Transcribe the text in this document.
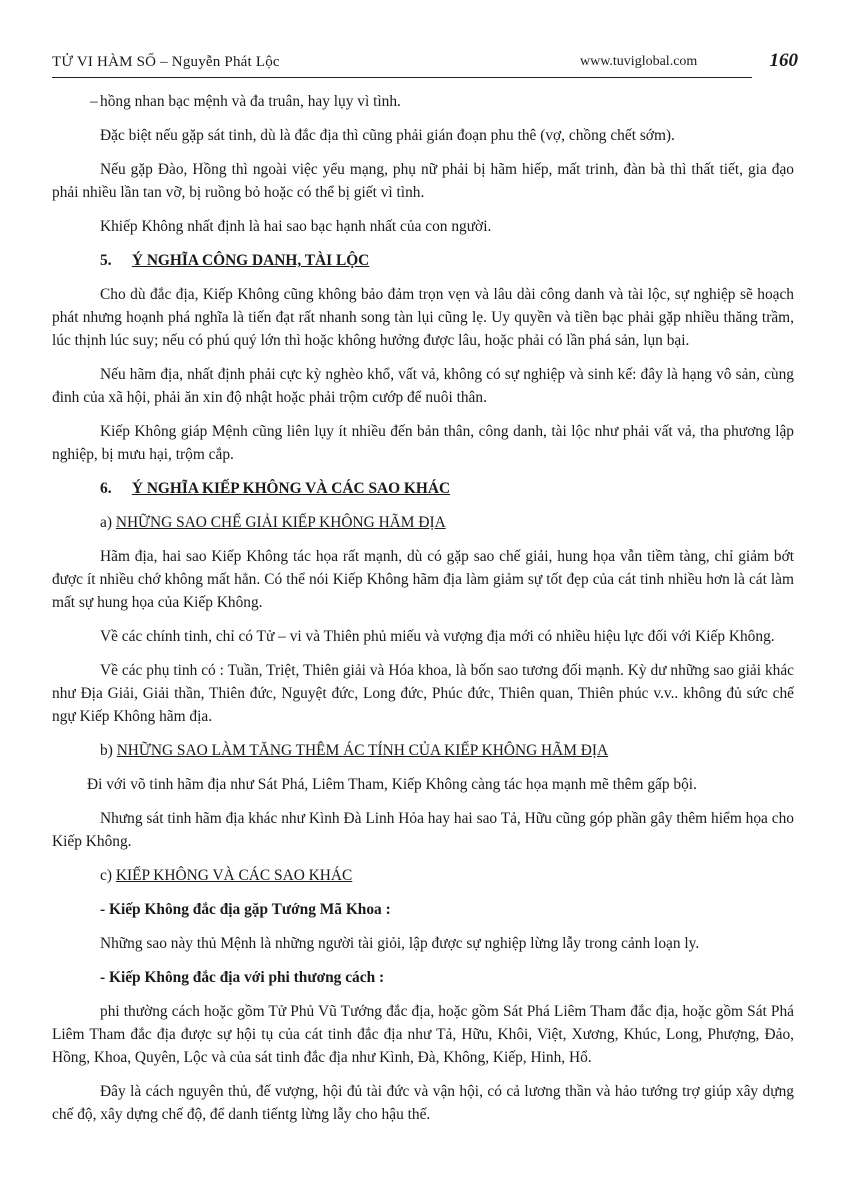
TỬ VI HÀM SỐ – Nguyễn Phát Lộc	www.tuviglobal.com	160
– hồng nhan bạc mệnh và đa truân, hay lụy vì tình.

Đặc biệt nếu gặp sát tinh, dù là đắc địa thì cũng phải gián đoạn phu thê (vợ, chồng chết sớm).

Nếu gặp Đào, Hồng thì ngoài việc yểu mạng, phụ nữ phải bị hãm hiếp, mất trinh, đàn bà thì thất tiết, gia đạo phải nhiều lần tan vỡ, bị ruồng bỏ hoặc có thể bị giết vì tình.

Khiếp Không nhất định là hai sao bạc hạnh nhất của con người.

5. Ý NGHĨA CÔNG DANH, TÀI LỘC

Cho dù đắc địa, Kiếp Không cũng không bảo đảm trọn vẹn và lâu dài công danh và tài lộc, sự nghiệp sẽ hoạch phát nhưng hoạnh phá nghĩa là tiến đạt rất nhanh song tàn lụi cũng lẹ. Uy quyền và tiền bạc phải gặp nhiều thăng trầm, lúc thịnh lúc suy; nếu có phú quý lớn thì hoặc không hưởng được lâu, hoặc phải có lần phá sản, lụn bại.

Nếu hãm địa, nhất định phải cực kỳ nghèo khổ, vất vả, không có sự nghiệp và sinh kế: đây là hạng vô sản, cùng đinh của xã hội, phải ăn xin độ nhật hoặc phải trộm cướp để nuôi thân.

Kiếp Không giáp Mệnh cũng liên lụy ít nhiều đến bản thân, công danh, tài lộc như phải vất vả, tha phương lập nghiệp, bị mưu hại, trộm cắp.

6. Ý NGHĨA KIẾP KHÔNG VÀ CÁC SAO KHÁC
a) NHỮNG SAO CHẾ GIẢI KIẾP KHÔNG HÃM ĐỊA

Hãm địa, hai sao Kiếp Không tác họa rất mạnh, dù có gặp sao chế giải, hung họa vẫn tiềm tàng, chỉ giảm bớt được ít nhiều chớ không mất hẳn. Có thể nói Kiếp Không hãm địa làm giảm sự tốt đẹp của cát tinh nhiều hơn là cát làm mất sự hung họa của Kiếp Không.

Về các chính tinh, chỉ có Tử – vi và Thiên phủ miếu và vượng địa mới có nhiều hiệu lực đối với Kiếp Không.

Về các phụ tinh có : Tuần, Triệt, Thiên giải và Hóa khoa, là bốn sao tương đối mạnh. Kỳ dư những sao giải khác như Địa Giải, Giải thần, Thiên đức, Nguyệt đức, Long đức, Phúc đức, Thiên quan, Thiên phúc v.v.. không đủ sức chế ngự Kiếp Không hãm địa.

b) NHỮNG SAO LÀM TĂNG THÊM ÁC TÍNH CỦA KIẾP KHÔNG HÃM ĐỊA

Đi với võ tinh hãm địa như Sát Phá, Liêm Tham, Kiếp Không càng tác họa mạnh mẽ thêm gấp bội.

Nhưng sát tinh hãm địa khác như Kình Đà Linh Hỏa hay hai sao Tả, Hữu cũng góp phần gây thêm hiểm họa cho Kiếp Không.

c) KIẾP KHÔNG VÀ CÁC SAO KHÁC
- Kiếp Không đắc địa gặp Tướng Mã Khoa :

Những sao này thủ Mệnh là những người tài giỏi, lập được sự nghiệp lừng lẫy trong cảnh loạn ly.

- Kiếp Không đắc địa với phi thương cách :

phi thường cách hoặc gồm Tử Phủ Vũ Tướng đắc địa, hoặc gồm Sát Phá Liêm Tham đắc địa, hoặc gồm Sát Phá Liêm Tham đắc địa được sự hội tụ của cát tinh đắc địa như Tả, Hữu, Khôi, Việt, Xương, Khúc, Long, Phượng, Đảo, Hồng, Khoa, Quyên, Lộc và của sát tinh đắc địa như Kình, Đà, Không, Kiếp, Hinh, Hổ.

Đây là cách nguyên thủ, đế vượng, hội đủ tài đức và vận hội, có cả lương thần và hảo tướng trợ giúp xây dựng chế độ, xây dựng chế độ, để danh tiếntg lừng lẫy cho hậu thế.
